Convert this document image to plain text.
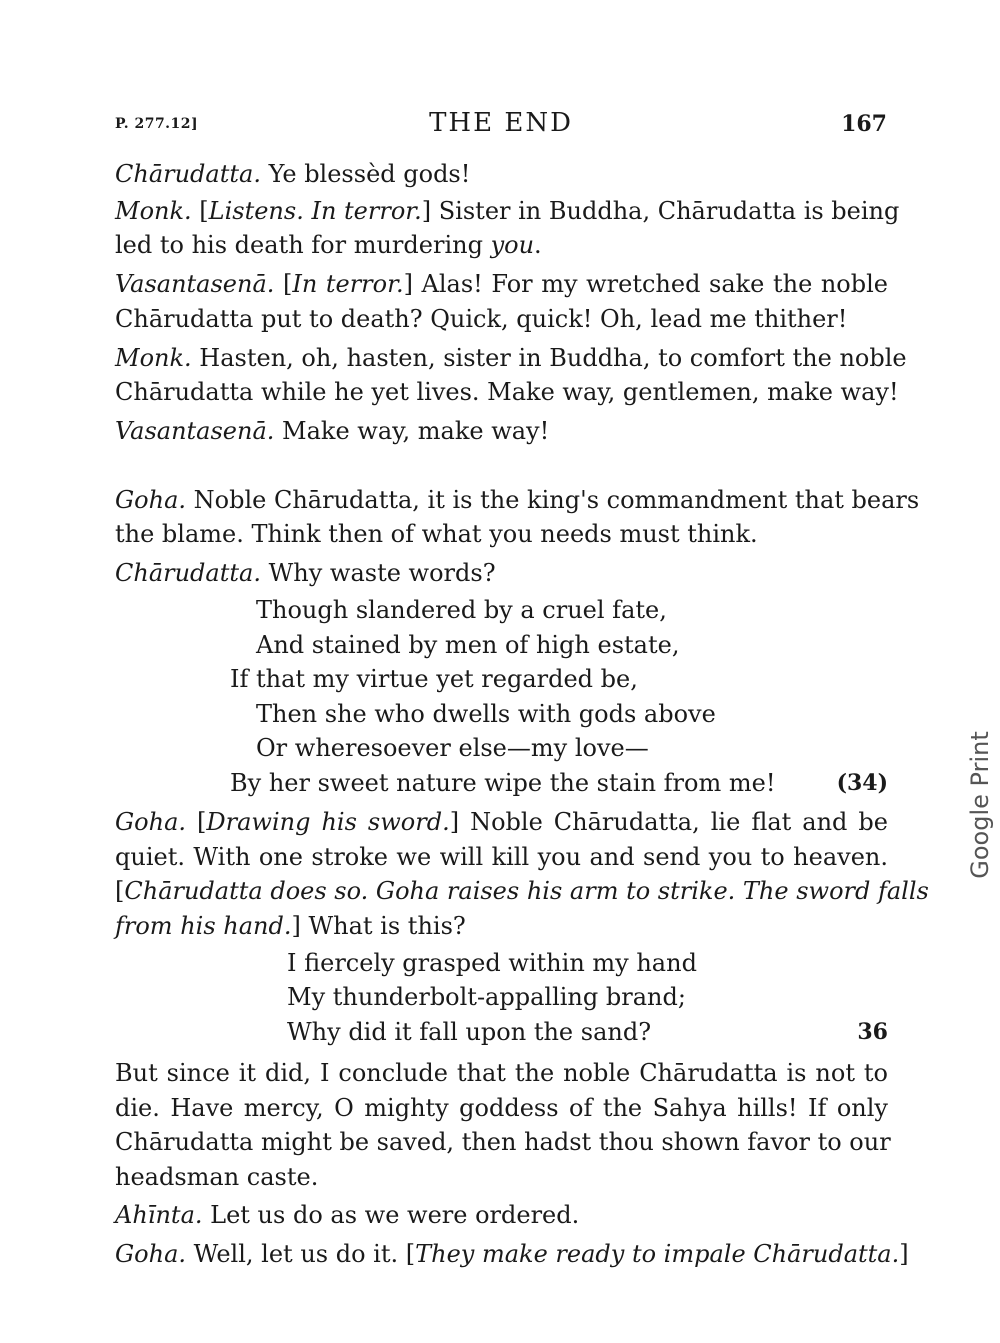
P. 277.12]	THE END	167
Chārudatta. Ye blessèd gods!
Monk. [Listens. In terror.] Sister in Buddha, Chārudatta is being
led to his death for murdering you.
Vasantasenā. [In terror.] Alas! For my wretched sake the noble
Chārudatta put to death? Quick, quick! Oh, lead me thither!
Monk. Hasten, oh, hasten, sister in Buddha, to comfort the noble
Chārudatta while he yet lives. Make way, gentlemen, make way!
Vasantasenā. Make way, make way!
Goha. Noble Chārudatta, it is the king's commandment that bears
the blame. Think then of what you needs must think.
Chārudatta. Why waste words?
Though slandered by a cruel fate,
And stained by men of high estate,
If that my virtue yet regarded be,
Then she who dwells with gods above
Or wheresoever else—my love—
By her sweet nature wipe the stain from me!	(34)
Goha. [Drawing his sword.] Noble Chārudatta, lie flat and be
quiet. With one stroke we will kill you and send you to heaven.
[Chārudatta does so. Goha raises his arm to strike. The sword falls
from his hand.] What is this?
I fiercely grasped within my hand
My thunderbolt-appalling brand;
Why did it fall upon the sand?	36
But since it did, I conclude that the noble Chārudatta is not to
die. Have mercy, O mighty goddess of the Sahya hills! If only
Chārudatta might be saved, then hadst thou shown favor to our
headsman caste.
Ahīnta. Let us do as we were ordered.
Goha. Well, let us do it. [They make ready to impale Chārudatta.]
Google Print
